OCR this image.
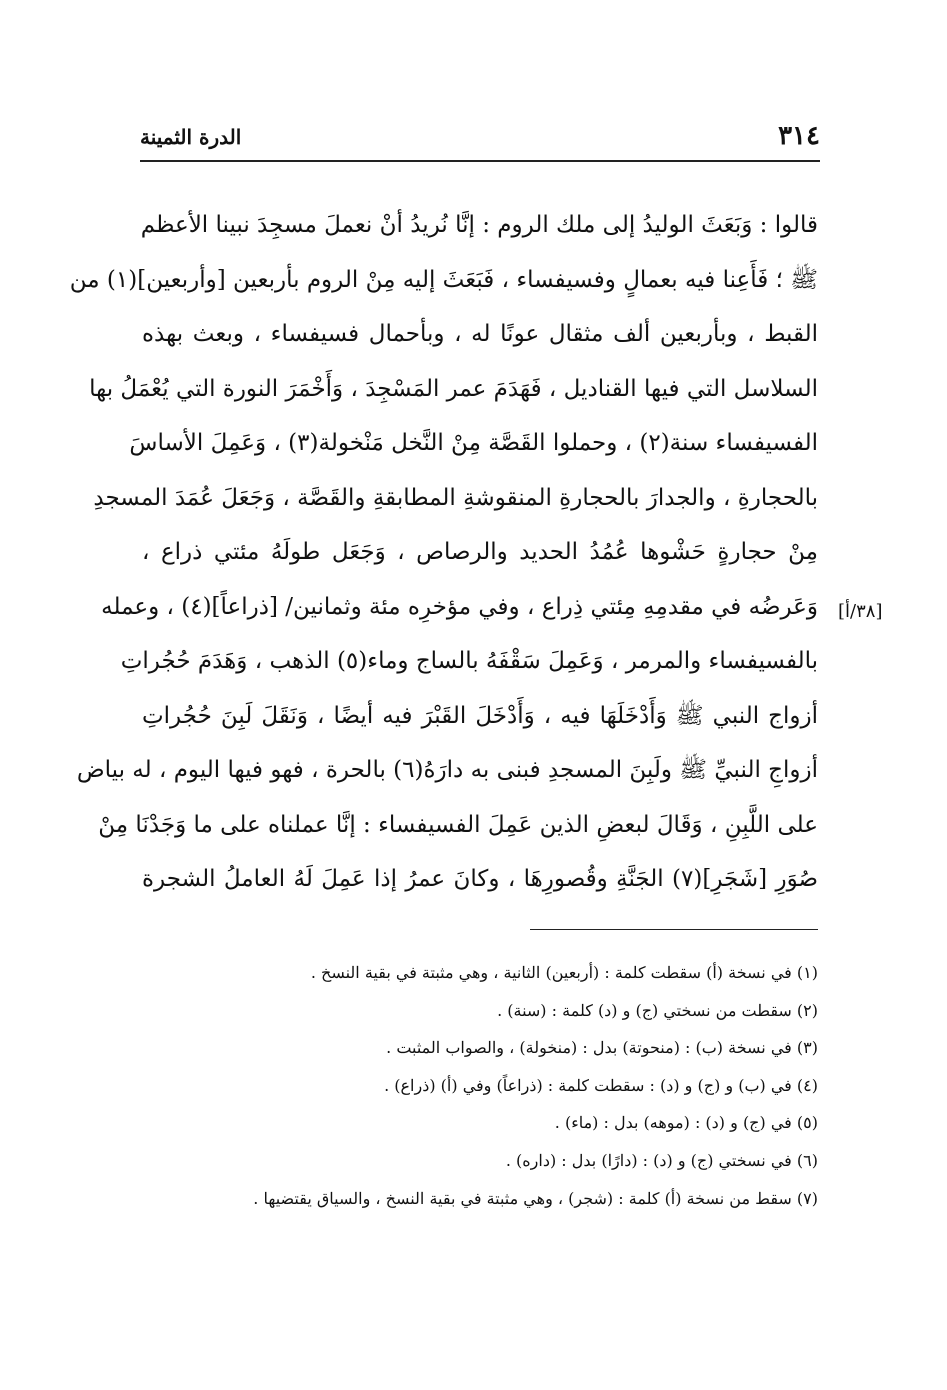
٣١٤
الدرة الثمينة
قالوا : وَبَعَثَ الوليدُ إلى ملك الروم : إنَّا نُريدُ أنْ نعملَ مسجِدَ نبينا الأعظم
ﷺ ؛ فَأَعِنا فيه بعمالٍ وفسيفساء ، فَبَعَثَ إليه مِنْ الروم بأربعين [وأربعين](١) من
القبط ، وبأربعين ألف مثقال عونًا له ، وبأحمال فسيفساء ، وبعث بهذه
السلاسل التي فيها القناديل ، فَهَدَمَ عمر المَسْجِدَ ، وَأَخْمَرَ النورة التي يُعْمَلُ بها
الفسيفساء سنة(٢) ، وحملوا القَصَّة مِنْ النَّخل مَنْخولة(٣) ، وَعَمِلَ الأساسَ
بالحجارةِ ، والجدارَ بالحجارةِ المنقوشةِ المطابقةِ والقَصَّة ، وَجَعَلَ عُمَدَ المسجدِ
مِنْ حجارةٍ حَشْوها عُمُدُ الحديد والرصاص ، وَجَعَل طولَهُ مئتي ذراع ،
وَعَرضُه في مقدمِهِ مِئتي ذِراع ، وفي مؤخرِه مئة وثمانين/ [ذراعاً](٤) ، وعمله
بالفسيفساء والمرمر ، وَعَمِلَ سَقْفَهُ بالساج وماء(٥) الذهب ، وَهَدَمَ حُجُراتِ
أزواج النبي ﷺ وَأَدْخَلَهَا فيه ، وَأَدْخَلَ القَبْرَ فيه أيضًا ، وَنَقَلَ لَبِنَ حُجُراتِ
أزواجِ النبيِّ ﷺ ولَبِنَ المسجدِ فبنى به دارَهُ(٦) بالحرة ، فهو فيها اليوم ، له بياض
على اللَّبِنِ ، وَقَالَ لبعضِ الذين عَمِلَ الفسيفساء : إنَّا عملناه على ما وَجَدْنَا مِنْ
صُوَرِ [شَجَرِ](٧) الجَنَّةِ وقُصورِهَا ، وكانَ عمرُ إذا عَمِلَ لَهُ العاملُ الشجرة
[٣٨/أ]
(١) في نسخة (أ) سقطت كلمة : (أربعين) الثانية ، وهي مثبتة في بقية النسخ .
(٢) سقطت من نسختي (ج) و (د) كلمة : (سنة) .
(٣) في نسخة (ب) : (منحوتة) بدل : (منخولة) ، والصواب المثبت .
(٤) في (ب) و (ج) و (د) : سقطت كلمة : (ذراعاً) وفي (أ) (ذراع) .
(٥) في (ج) و (د) : (موهه) بدل : (ماء) .
(٦) في نسختي (ج) و (د) : (دارًا) بدل : (داره) .
(٧) سقط من نسخة (أ) كلمة : (شجر) ، وهي مثبتة في بقية النسخ ، والسياق يقتضيها .
